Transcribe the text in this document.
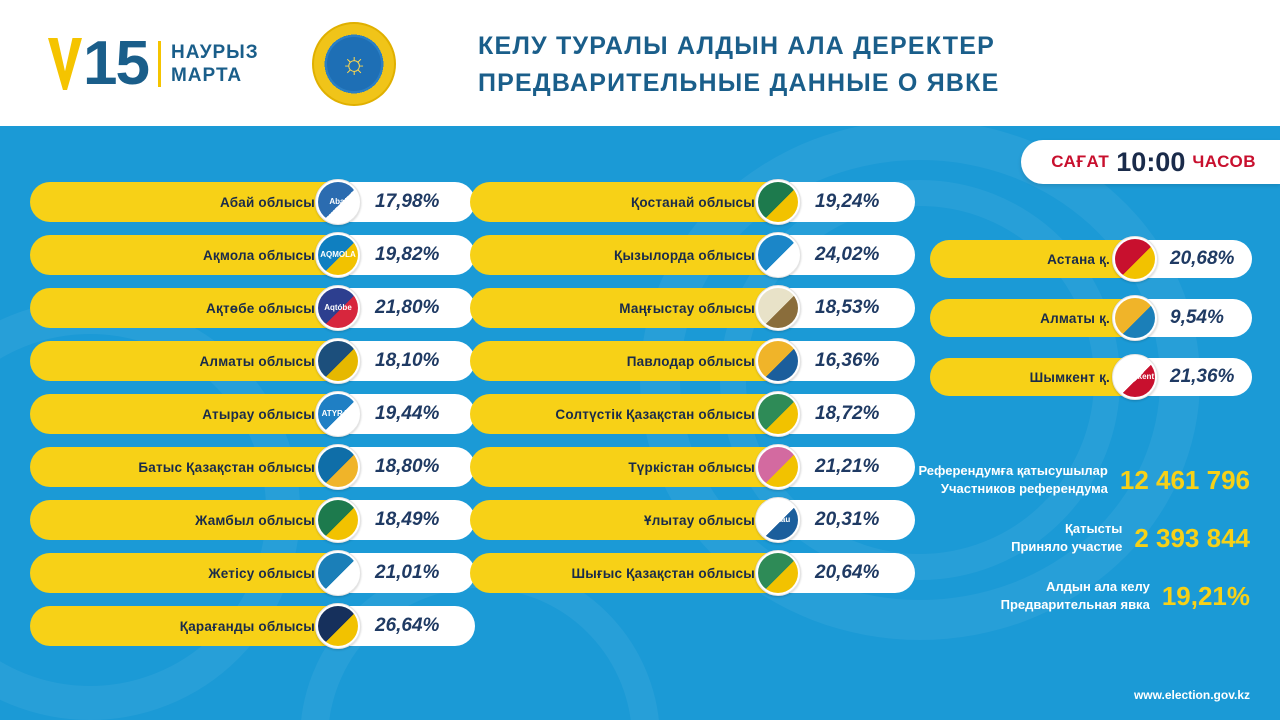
15 НАУРЫЗ
МАРТА	☼
КЕЛУ ТУРАЛЫ АЛДЫН АЛА ДЕРЕКТЕР
ПРЕДВАРИТЕЛЬНЫЕ ДАННЫЕ О ЯВКЕ
САҒАТ 10:00 ЧАСОВ
Абай облысы	Abai	17,98%
Ақмола облысы AQMOLA 19,82%
Ақтөбе облысы	Aqtóbe	21,80%
Алматы облысы	18,10%
Атырау облысы ATYRAU 19,44%
Батыс Қазақстан облысы	18,80%
Жамбыл облысы	18,49%
Жетісу облысы	21,01%
Қарағанды облысы	26,64%
Қостанай облысы	19,24%
Қызылорда облысы	24,02%
Маңғыстау облысы	18,53%
Павлодар облысы	16,36%
Солтүстік Қазақстан облысы	18,72%
Түркістан облысы	21,21%
Ұлытау облысы	Ulytau	20,31%
Шығыс Қазақстан облысы	20,64%
Астана қ.	20,68%
Алматы қ.	9,54%
Шымкент қ. Shymkent 21,36%
Референдумға қатысушылар
Участников референдума 12 461 796
Қатысты
Приняло участие 2 393 844
Алдын ала келу
Предварительная явка 19,21%
www.election.gov.kz
